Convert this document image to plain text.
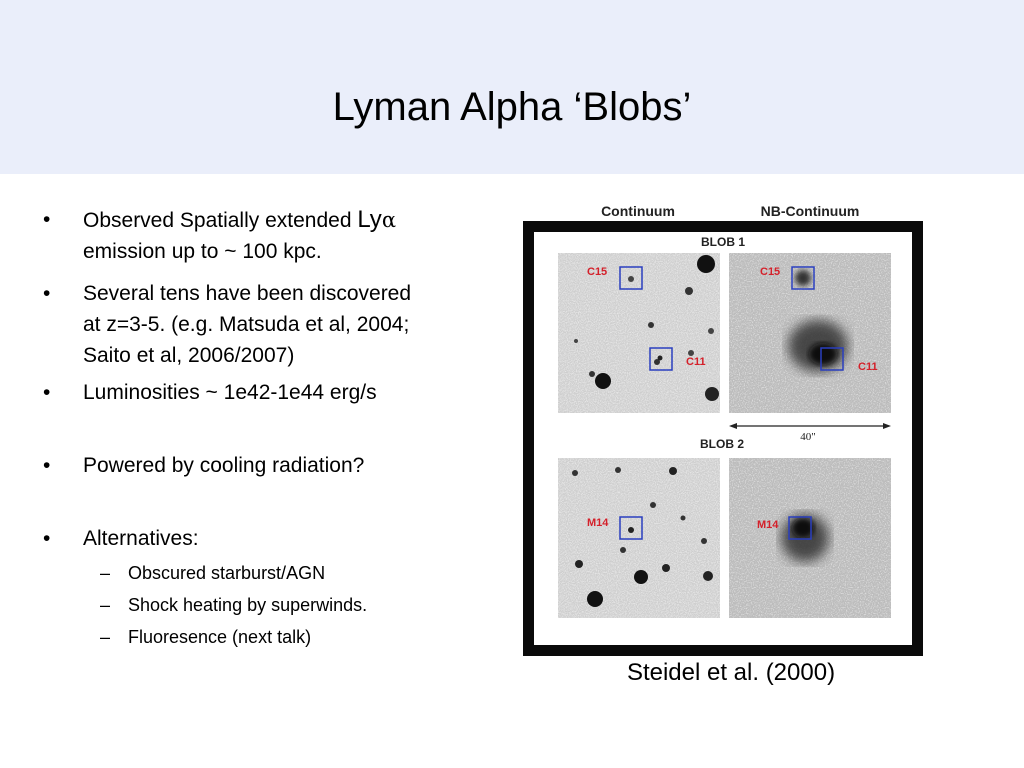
Lyman Alpha ‘Blobs’
• Observed Spatially extended Lyα
emission up to ~ 100 kpc.
• Several tens have been discovered
at z=3-5. (e.g. Matsuda et al, 2004;
Saito et al, 2006/2007)
• Luminosities ~ 1e42-1e44 erg/s
• Powered by cooling radiation?
• Alternatives:
– Obscured starburst/AGN
– Shock heating by superwinds.
– Fluoresence (next talk)
Continuum	NB-Continuum
BLOB 1
C15
C11
C15
C11
40"
BLOB 2
M14	M14
Steidel et al. (2000)
